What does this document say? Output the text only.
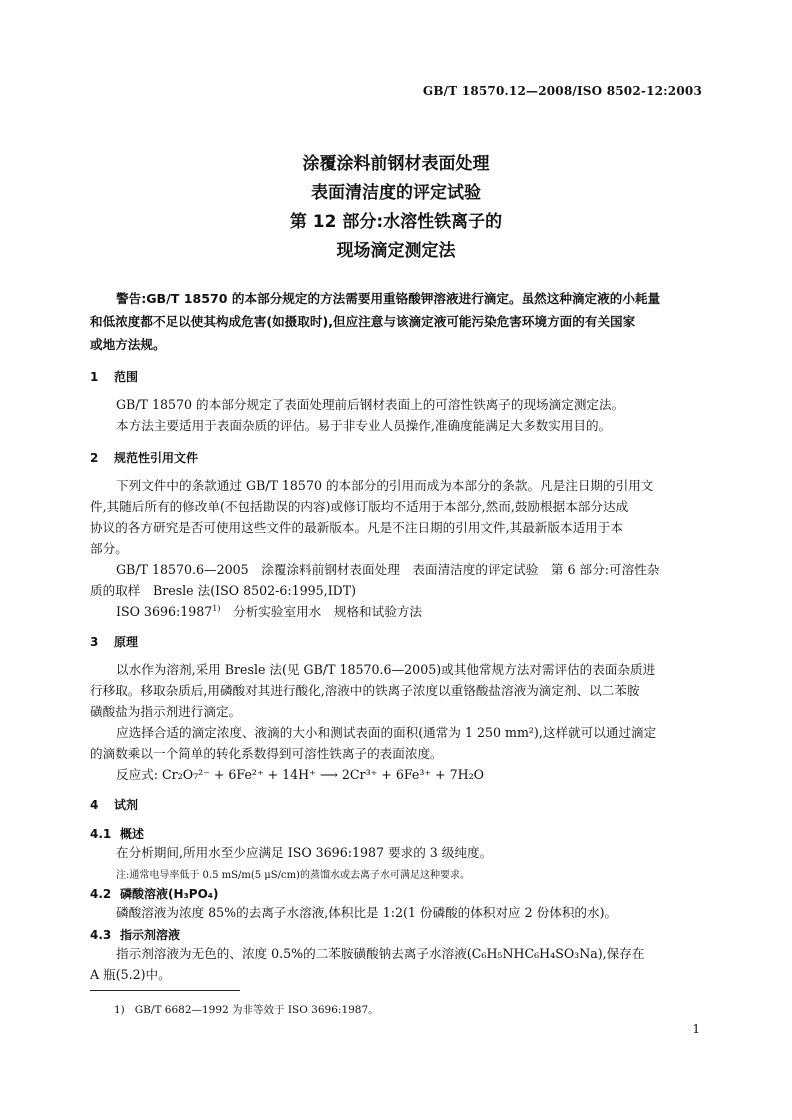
GB/T 18570.12—2008/ISO 8502-12:2003
涂覆涂料前钢材表面处理
表面清洁度的评定试验
第 12 部分:水溶性铁离子的
现场滴定测定法
警告:GB/T 18570 的本部分规定的方法需要用重铬酸钾溶液进行滴定。虽然这种滴定液的小耗量
和低浓度都不足以使其构成危害(如摄取时),但应注意与该滴定液可能污染危害环境方面的有关国家
或地方法规。
1 范围
GB/T 18570 的本部分规定了表面处理前后钢材表面上的可溶性铁离子的现场滴定测定法。
本方法主要适用于表面杂质的评估。易于非专业人员操作,准确度能满足大多数实用目的。
2 规范性引用文件
下列文件中的条款通过 GB/T 18570 的本部分的引用而成为本部分的条款。凡是注日期的引用文
件,其随后所有的修改单(不包括勘误的内容)或修订版均不适用于本部分,然而,鼓励根据本部分达成
协议的各方研究是否可使用这些文件的最新版本。凡是不注日期的引用文件,其最新版本适用于本
部分。
GB/T 18570.6—2005　涂覆涂料前钢材表面处理　表面清洁度的评定试验　第 6 部分:可溶性杂
质的取样　Bresle 法(ISO 8502-6:1995,IDT)
ISO 3696:1987$^{1)}$　分析实验室用水　规格和试验方法
3 原理
以水作为溶剂,采用 Bresle 法(见 GB/T 18570.6—2005)或其他常规方法对需评估的表面杂质进
行移取。移取杂质后,用磷酸对其进行酸化,溶液中的铁离子浓度以重铬酸盐溶液为滴定剂、以二苯胺
磺酸盐为指示剂进行滴定。
应选择合适的滴定浓度、液滴的大小和测试表面的面积(通常为 1 250 mm²),这样就可以通过滴定
的滴数乘以一个简单的转化系数得到可溶性铁离子的表面浓度。
反应式: Cr₂O₇²⁻ + 6Fe²⁺ + 14H⁺ ⟶ 2Cr³⁺ + 6Fe³⁺ + 7H₂O
4 试剂
4.1 概述
在分析期间,所用水至少应满足 ISO 3696:1987 要求的 3 级纯度。
注:通常电导率低于 0.5 mS/m(5 μS/cm)的蒸馏水或去离子水可满足这种要求。
4.2 磷酸溶液(H₃PO₄)
磷酸溶液为浓度 85%的去离子水溶液,体积比是 1:2(1 份磷酸的体积对应 2 份体积的水)。
4.3 指示剂溶液
指示剂溶液为无色的、浓度 0.5%的二苯胺磺酸钠去离子水溶液(C₆H₅NHC₆H₄SO₃Na),保存在
A 瓶(5.2)中。
1) GB/T 6682—1992 为非等效于 ISO 3696:1987。
1
